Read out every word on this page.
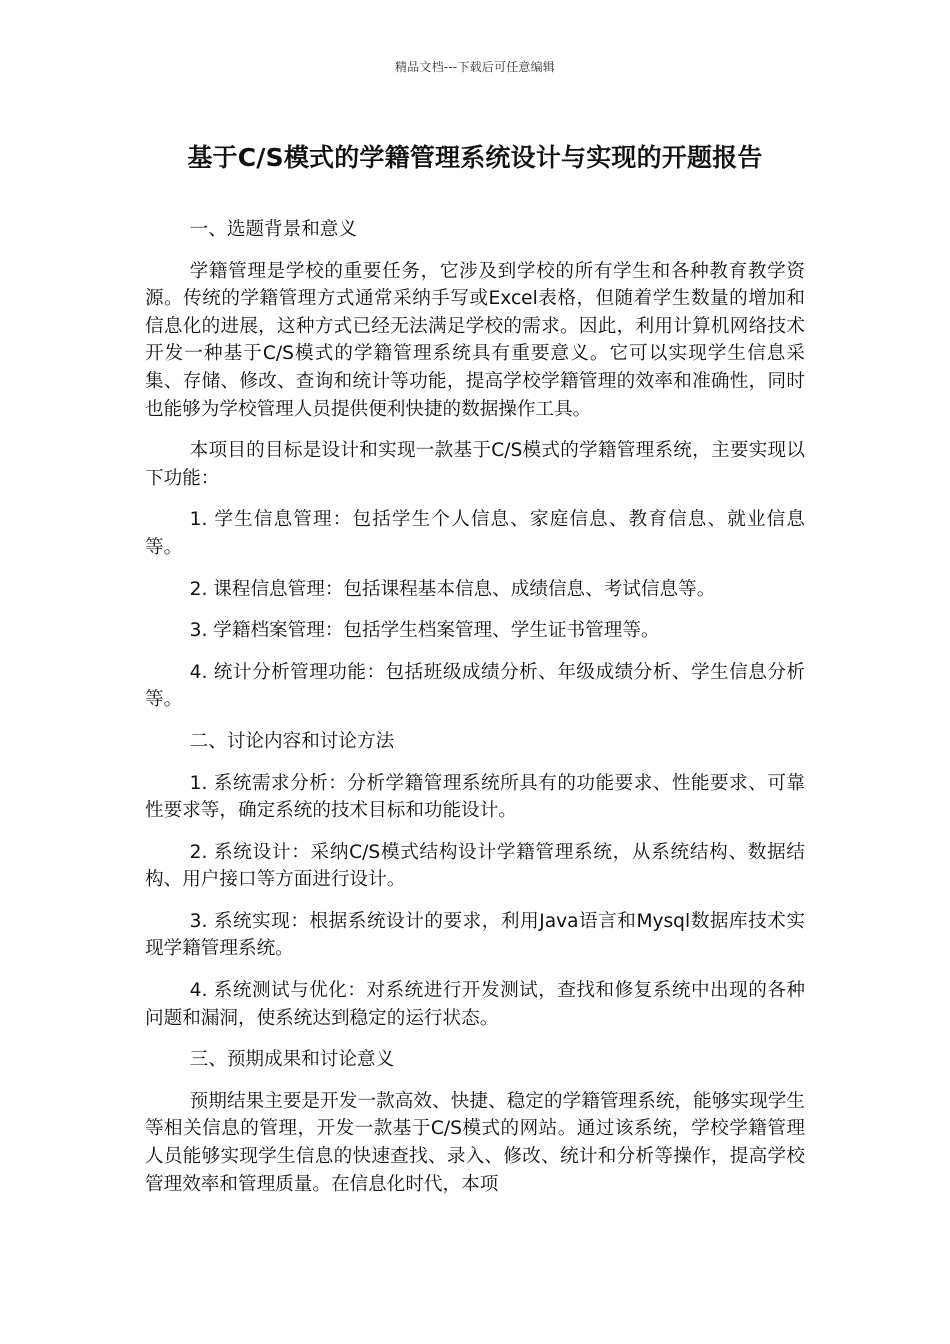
精品文档---下载后可任意编辑
基于C/S模式的学籍管理系统设计与实现的开题报告

一、选题背景和意义

学籍管理是学校的重要任务，它涉及到学校的所有学生和各种教育教学资源。传统的学籍管理方式通常采纳手写或Excel表格，但随着学生数量的增加和信息化的进展，这种方式已经无法满足学校的需求。因此，利用计算机网络技术开发一种基于C/S模式的学籍管理系统具有重要意义。它可以实现学生信息采集、存储、修改、查询和统计等功能，提高学校学籍管理的效率和准确性，同时也能够为学校管理人员提供便利快捷的数据操作工具。

本项目的目标是设计和实现一款基于C/S模式的学籍管理系统，主要实现以下功能：

1. 学生信息管理：包括学生个人信息、家庭信息、教育信息、就业信息等。

2. 课程信息管理：包括课程基本信息、成绩信息、考试信息等。

3. 学籍档案管理：包括学生档案管理、学生证书管理等。

4. 统计分析管理功能：包括班级成绩分析、年级成绩分析、学生信息分析等。

二、讨论内容和讨论方法

1. 系统需求分析：分析学籍管理系统所具有的功能要求、性能要求、可靠性要求等，确定系统的技术目标和功能设计。

2. 系统设计：采纳C/S模式结构设计学籍管理系统，从系统结构、数据结构、用户接口等方面进行设计。

3. 系统实现：根据系统设计的要求，利用Java语言和Mysql数据库技术实现学籍管理系统。

4. 系统测试与优化：对系统进行开发测试，查找和修复系统中出现的各种问题和漏洞，使系统达到稳定的运行状态。

三、预期成果和讨论意义

预期结果主要是开发一款高效、快捷、稳定的学籍管理系统，能够实现学生等相关信息的管理，开发一款基于C/S模式的网站。通过该系统，学校学籍管理人员能够实现学生信息的快速查找、录入、修改、统计和分析等操作，提高学校管理效率和管理质量。在信息化时代，本项
